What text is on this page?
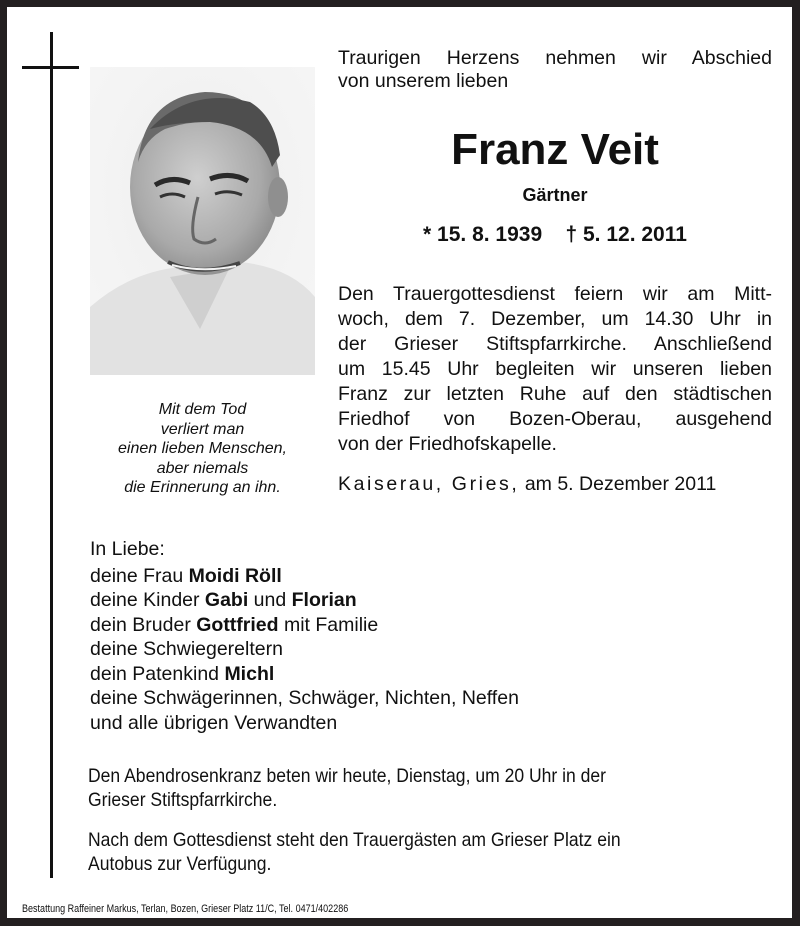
Mit dem Tod
verliert man
einen lieben Menschen,
aber niemals
die Erinnerung an ihn.
Traurigen Herzens nehmen wir Abschied
von unserem lieben
Franz Veit
Gärtner
* 15. 8. 1939    † 5. 12. 2011
Den Trauergottesdienst feiern wir am Mitt-
woch, dem 7. Dezember, um 14.30 Uhr in
der Grieser Stiftspfarrkirche. Anschließend
um 15.45 Uhr begleiten wir unseren lieben
Franz zur letzten Ruhe auf den städtischen
Friedhof von Bozen-Oberau, ausgehend
von der Friedhofskapelle.
Kaiserau, Gries, am 5. Dezember 2011
In Liebe:
deine Frau Moidi Röll
deine Kinder Gabi und Florian
dein Bruder Gottfried mit Familie
deine Schwiegereltern
dein Patenkind Michl
deine Schwägerinnen, Schwäger, Nichten, Neffen
und alle übrigen Verwandten
Den Abendrosenkranz beten wir heute, Dienstag, um 20 Uhr in der
Grieser Stiftspfarrkirche.
Nach dem Gottesdienst steht den Trauergästen am Grieser Platz ein
Autobus zur Verfügung.
Bestattung Raffeiner Markus, Terlan, Bozen, Grieser Platz 11/C, Tel. 0471/402286
